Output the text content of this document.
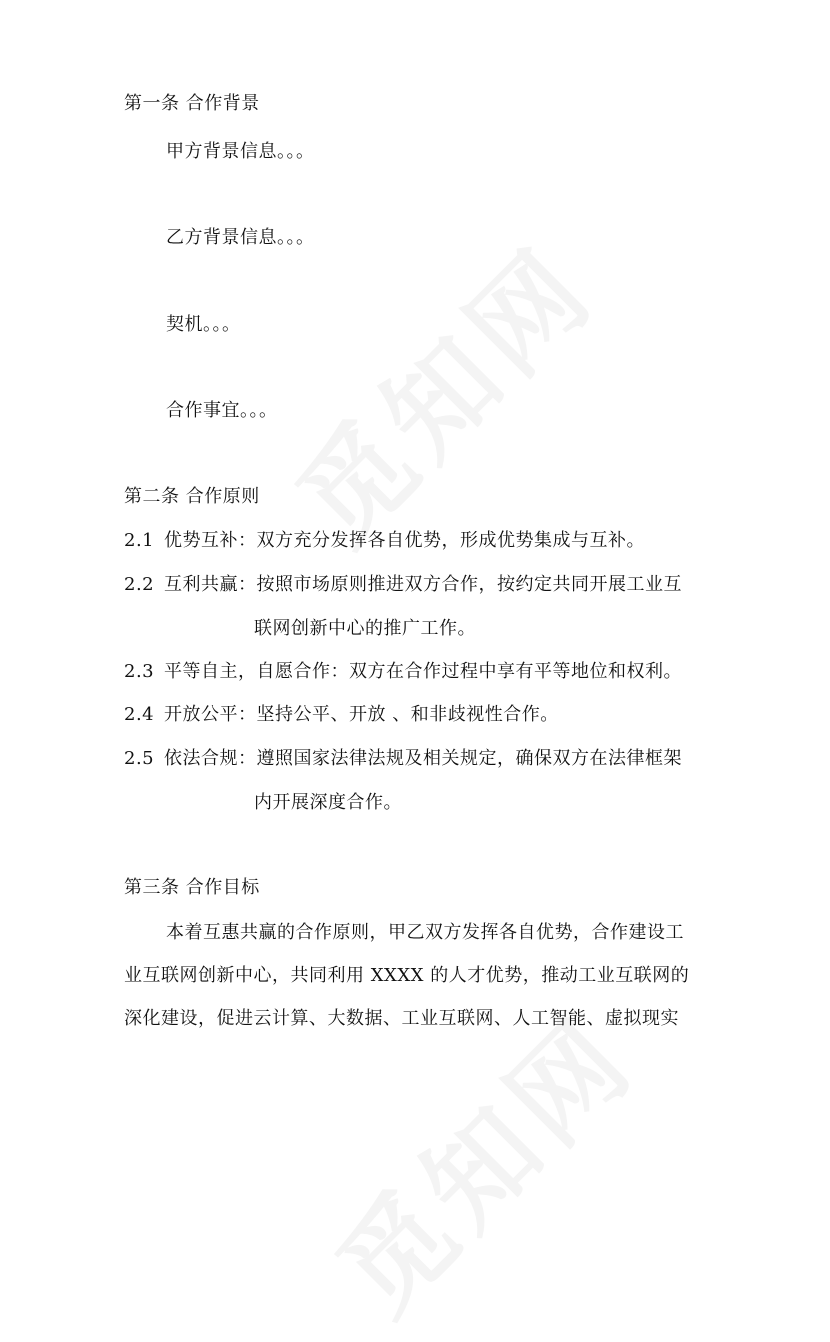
第一条 合作背景
甲方背景信息。。。
乙方背景信息。。。
契机。。。
合作事宜。。。
第二条 合作原则
2.1 优势互补：双方充分发挥各自优势，形成优势集成与互补。
2.2 互利共赢：按照市场原则推进双方合作，按约定共同开展工业互
联网创新中心的推广工作。
2.3 平等自主，自愿合作：双方在合作过程中享有平等地位和权利。
2.4 开放公平：坚持公平、开放 、和非歧视性合作。
2.5 依法合规：遵照国家法律法规及相关规定，确保双方在法律框架
内开展深度合作。
第三条 合作目标
本着互惠共赢的合作原则，甲乙双方发挥各自优势，合作建设工
业互联网创新中心，共同利用 XXXX 的人才优势，推动工业互联网的
深化建设，促进云计算、大数据、工业互联网、人工智能、虚拟现实
